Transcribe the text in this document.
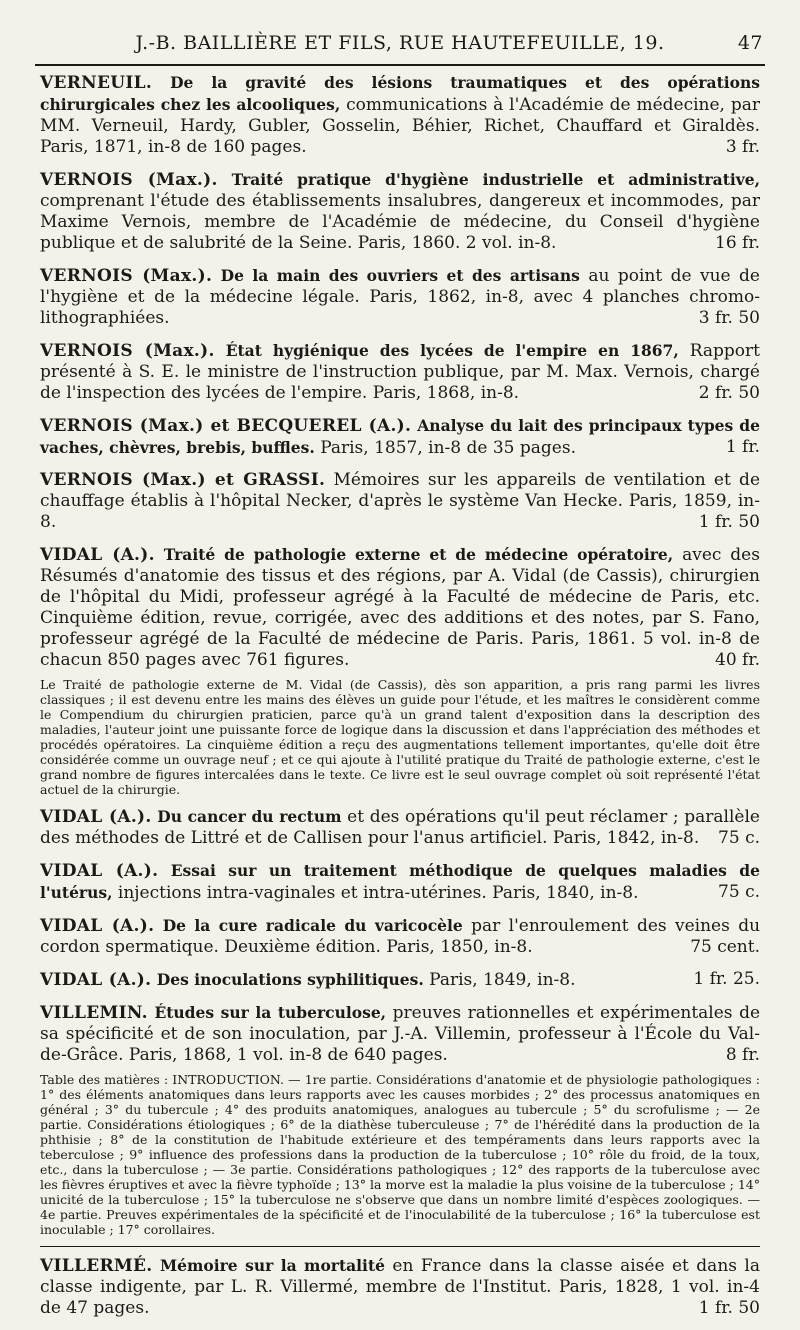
J.-B. BAILLIÈRE ET FILS, RUE HAUTEFEUILLE, 19.	47
VERNEUIL. De la gravité des lésions traumatiques et des opérations chirurgicales chez les alcooliques, communications à l'Académie de médecine, par MM. Verneuil, Hardy, Gubler, Gosselin, Béhier, Richet, Chauffard et Giraldès. Paris, 1871, in-8 de 160 pages.	3 fr.
VERNOIS (Max.). Traité pratique d'hygiène industrielle et administrative, comprenant l'étude des établissements insalubres, dangereux et incommodes, par Maxime Vernois, membre de l'Académie de médecine, du Conseil d'hygiène publique et de salubrité de la Seine. Paris, 1860. 2 vol. in-8.	16 fr.
VERNOIS (Max.). De la main des ouvriers et des artisans au point de vue de l'hygiène et de la médecine légale. Paris, 1862, in-8, avec 4 planches chromo-lithographiées.	3 fr. 50
VERNOIS (Max.). État hygiénique des lycées de l'empire en 1867, Rapport présenté à S. E. le ministre de l'instruction publique, par M. Max. Vernois, chargé de l'inspection des lycées de l'empire. Paris, 1868, in-8.	2 fr. 50
VERNOIS (Max.) et BECQUEREL (A.). Analyse du lait des principaux types de vaches, chèvres, brebis, buffles. Paris, 1857, in-8 de 35 pages.	1 fr.
VERNOIS (Max.) et GRASSI. Mémoires sur les appareils de ventilation et de chauffage établis à l'hôpital Necker, d'après le système Van Hecke. Paris, 1859, in-8.	1 fr. 50
VIDAL (A.). Traité de pathologie externe et de médecine opératoire, avec des Résumés d'anatomie des tissus et des régions, par A. Vidal (de Cassis), chirurgien de l'hôpital du Midi, professeur agrégé à la Faculté de médecine de Paris, etc. Cinquième édition, revue, corrigée, avec des additions et des notes, par S. Fano, professeur agrégé de la Faculté de médecine de Paris. Paris, 1861. 5 vol. in-8 de chacun 850 pages avec 761 figures.	40 fr.

Le Traité de pathologie externe de M. Vidal (de Cassis), dès son apparition, a pris rang parmi les livres classiques ; il est devenu entre les mains des élèves un guide pour l'étude, et les maîtres le considèrent comme le Compendium du chirurgien praticien, parce qu'à un grand talent d'exposition dans la description des maladies, l'auteur joint une puissante force de logique dans la discussion et dans l'appréciation des méthodes et procédés opératoires. La cinquième édition a reçu des augmentations tellement importantes, qu'elle doit être considérée comme un ouvrage neuf ; et ce qui ajoute à l'utilité pratique du Traité de pathologie externe, c'est le grand nombre de figures intercalées dans le texte. Ce livre est le seul ouvrage complet où soit représenté l'état actuel de la chirurgie.

VIDAL (A.). Du cancer du rectum et des opérations qu'il peut réclamer ; parallèle des méthodes de Littré et de Callisen pour l'anus artificiel. Paris, 1842, in-8.	75 c.
VIDAL (A.). Essai sur un traitement méthodique de quelques maladies de l'utérus, injections intra-vaginales et intra-utérines. Paris, 1840, in-8.	75 c.
VIDAL (A.). De la cure radicale du varicocèle par l'enroulement des veines du cordon spermatique. Deuxième édition. Paris, 1850, in-8.	75 cent.
VIDAL (A.). Des inoculations syphilitiques. Paris, 1849, in-8.	1 fr. 25.
VILLEMIN. Études sur la tuberculose, preuves rationnelles et expérimentales de sa spécificité et de son inoculation, par J.-A. Villemin, professeur à l'École du Val-de-Grâce. Paris, 1868, 1 vol. in-8 de 640 pages.	8 fr.

Table des matières : INTRODUCTION. — 1re partie. Considérations d'anatomie et de physiologie pathologiques : 1° des éléments anatomiques dans leurs rapports avec les causes morbides ; 2° des processus anatomiques en général ; 3° du tubercule ; 4° des produits anatomiques, analogues au tubercule ; 5° du scrofulisme ; — 2e partie. Considérations étiologiques ; 6° de la diathèse tuberculeuse ; 7° de l'hérédité dans la production de la phthisie ; 8° de la constitution de l'habitude extérieure et des tempéraments dans leurs rapports avec la teberculose ; 9° influence des professions dans la production de la tuberculose ; 10° rôle du froid, de la toux, etc., dans la tuberculose ; — 3e partie. Considérations pathologiques ; 12° des rapports de la tuberculose avec les fièvres éruptives et avec la fièvre typhoïde ; 13° la morve est la maladie la plus voisine de la tuberculose ; 14° unicité de la tuberculose ; 15° la tuberculose ne s'observe que dans un nombre limité d'espèces zoologiques. — 4e partie. Preuves expérimentales de la spécificité et de l'inoculabilité de la tuberculose ; 16° la tuberculose est inoculable ; 17° corollaires.

VILLERMÉ. Mémoire sur la mortalité en France dans la classe aisée et dans la classe indigente, par L. R. Villermé, membre de l'Institut. Paris, 1828, 1 vol. in-4 de 47 pages.	1 fr. 50
